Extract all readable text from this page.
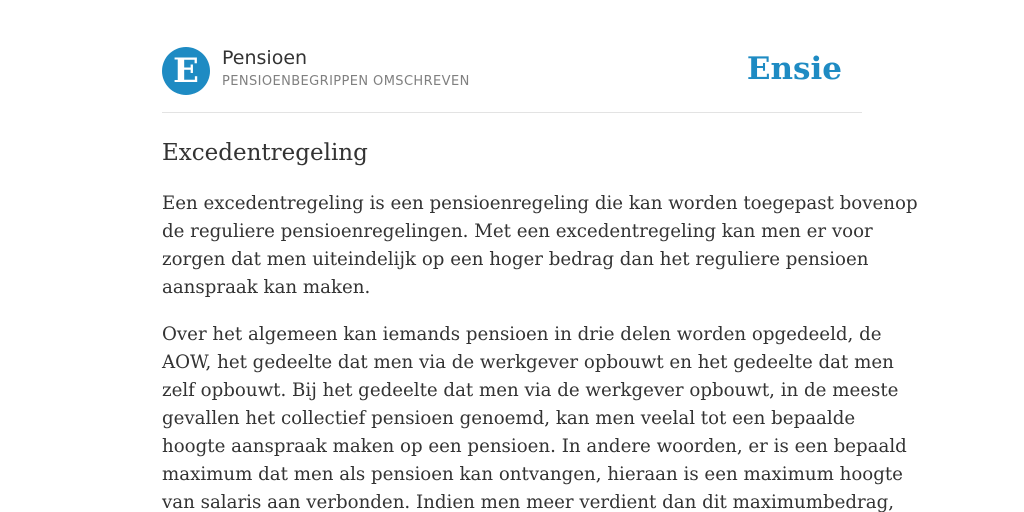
E	Pensioen
PENSIOENBEGRIPPEN OMSCHREVEN	Ensie
Excedentregeling

Een excedentregeling is een pensioenregeling die kan worden toegepast bovenop
de reguliere pensioenregelingen. Met een excedentregeling kan men er voor
zorgen dat men uiteindelijk op een hoger bedrag dan het reguliere pensioen
aanspraak kan maken.

Over het algemeen kan iemands pensioen in drie delen worden opgedeeld, de
AOW, het gedeelte dat men via de werkgever opbouwt en het gedeelte dat men
zelf opbouwt. Bij het gedeelte dat men via de werkgever opbouwt, in de meeste
gevallen het collectief pensioen genoemd, kan men veelal tot een bepaalde
hoogte aanspraak maken op een pensioen. In andere woorden, er is een bepaald
maximum dat men als pensioen kan ontvangen, hieraan is een maximum hoogte
van salaris aan verbonden. Indien men meer verdient dan dit maximumbedrag,
